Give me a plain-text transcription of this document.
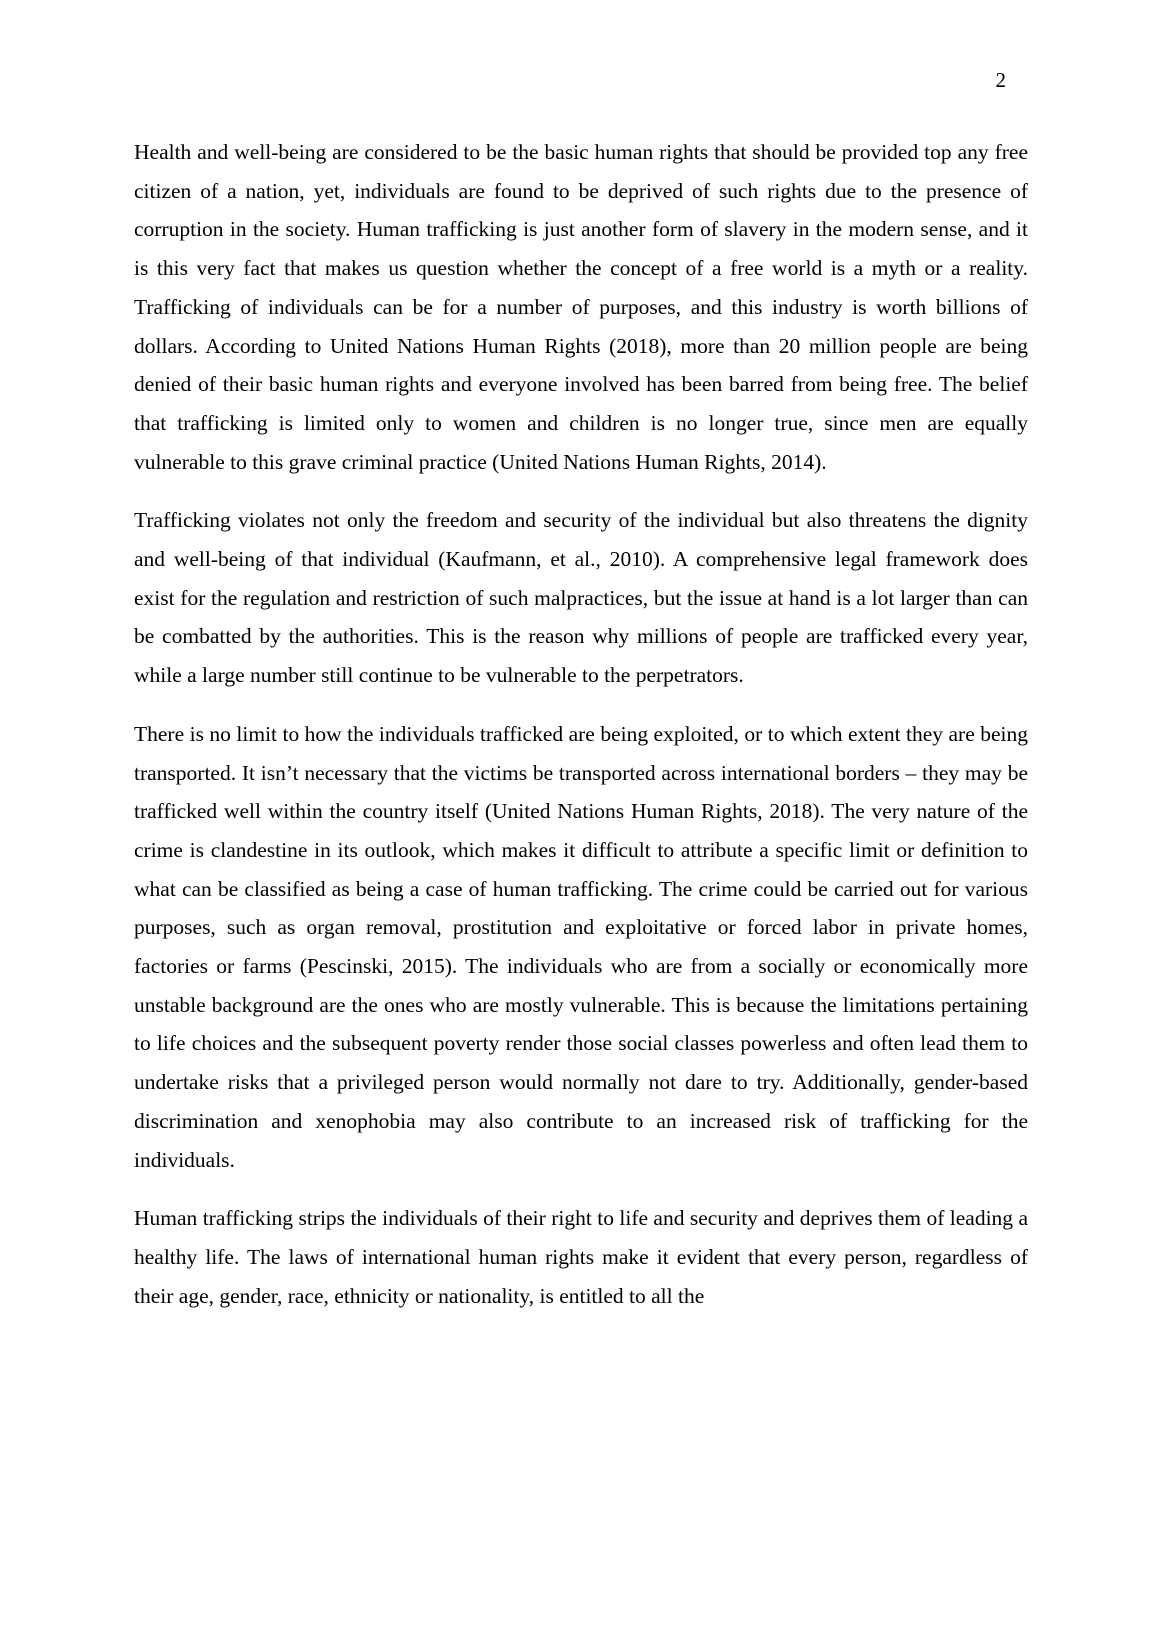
2

Health and well-being are considered to be the basic human rights that should be provided top any free citizen of a nation, yet, individuals are found to be deprived of such rights due to the presence of corruption in the society. Human trafficking is just another form of slavery in the modern sense, and it is this very fact that makes us question whether the concept of a free world is a myth or a reality. Trafficking of individuals can be for a number of purposes, and this industry is worth billions of dollars. According to United Nations Human Rights (2018), more than 20 million people are being denied of their basic human rights and everyone involved has been barred from being free. The belief that trafficking is limited only to women and children is no longer true, since men are equally vulnerable to this grave criminal practice (United Nations Human Rights, 2014).

Trafficking violates not only the freedom and security of the individual but also threatens the dignity and well-being of that individual (Kaufmann, et al., 2010). A comprehensive legal framework does exist for the regulation and restriction of such malpractices, but the issue at hand is a lot larger than can be combatted by the authorities. This is the reason why millions of people are trafficked every year, while a large number still continue to be vulnerable to the perpetrators.

There is no limit to how the individuals trafficked are being exploited, or to which extent they are being transported. It isn’t necessary that the victims be transported across international borders – they may be trafficked well within the country itself (United Nations Human Rights, 2018). The very nature of the crime is clandestine in its outlook, which makes it difficult to attribute a specific limit or definition to what can be classified as being a case of human trafficking. The crime could be carried out for various purposes, such as organ removal, prostitution and exploitative or forced labor in private homes, factories or farms (Pescinski, 2015). The individuals who are from a socially or economically more unstable background are the ones who are mostly vulnerable. This is because the limitations pertaining to life choices and the subsequent poverty render those social classes powerless and often lead them to undertake risks that a privileged person would normally not dare to try. Additionally, gender-based discrimination and xenophobia may also contribute to an increased risk of trafficking for the individuals.

Human trafficking strips the individuals of their right to life and security and deprives them of leading a healthy life. The laws of international human rights make it evident that every person, regardless of their age, gender, race, ethnicity or nationality, is entitled to all the
